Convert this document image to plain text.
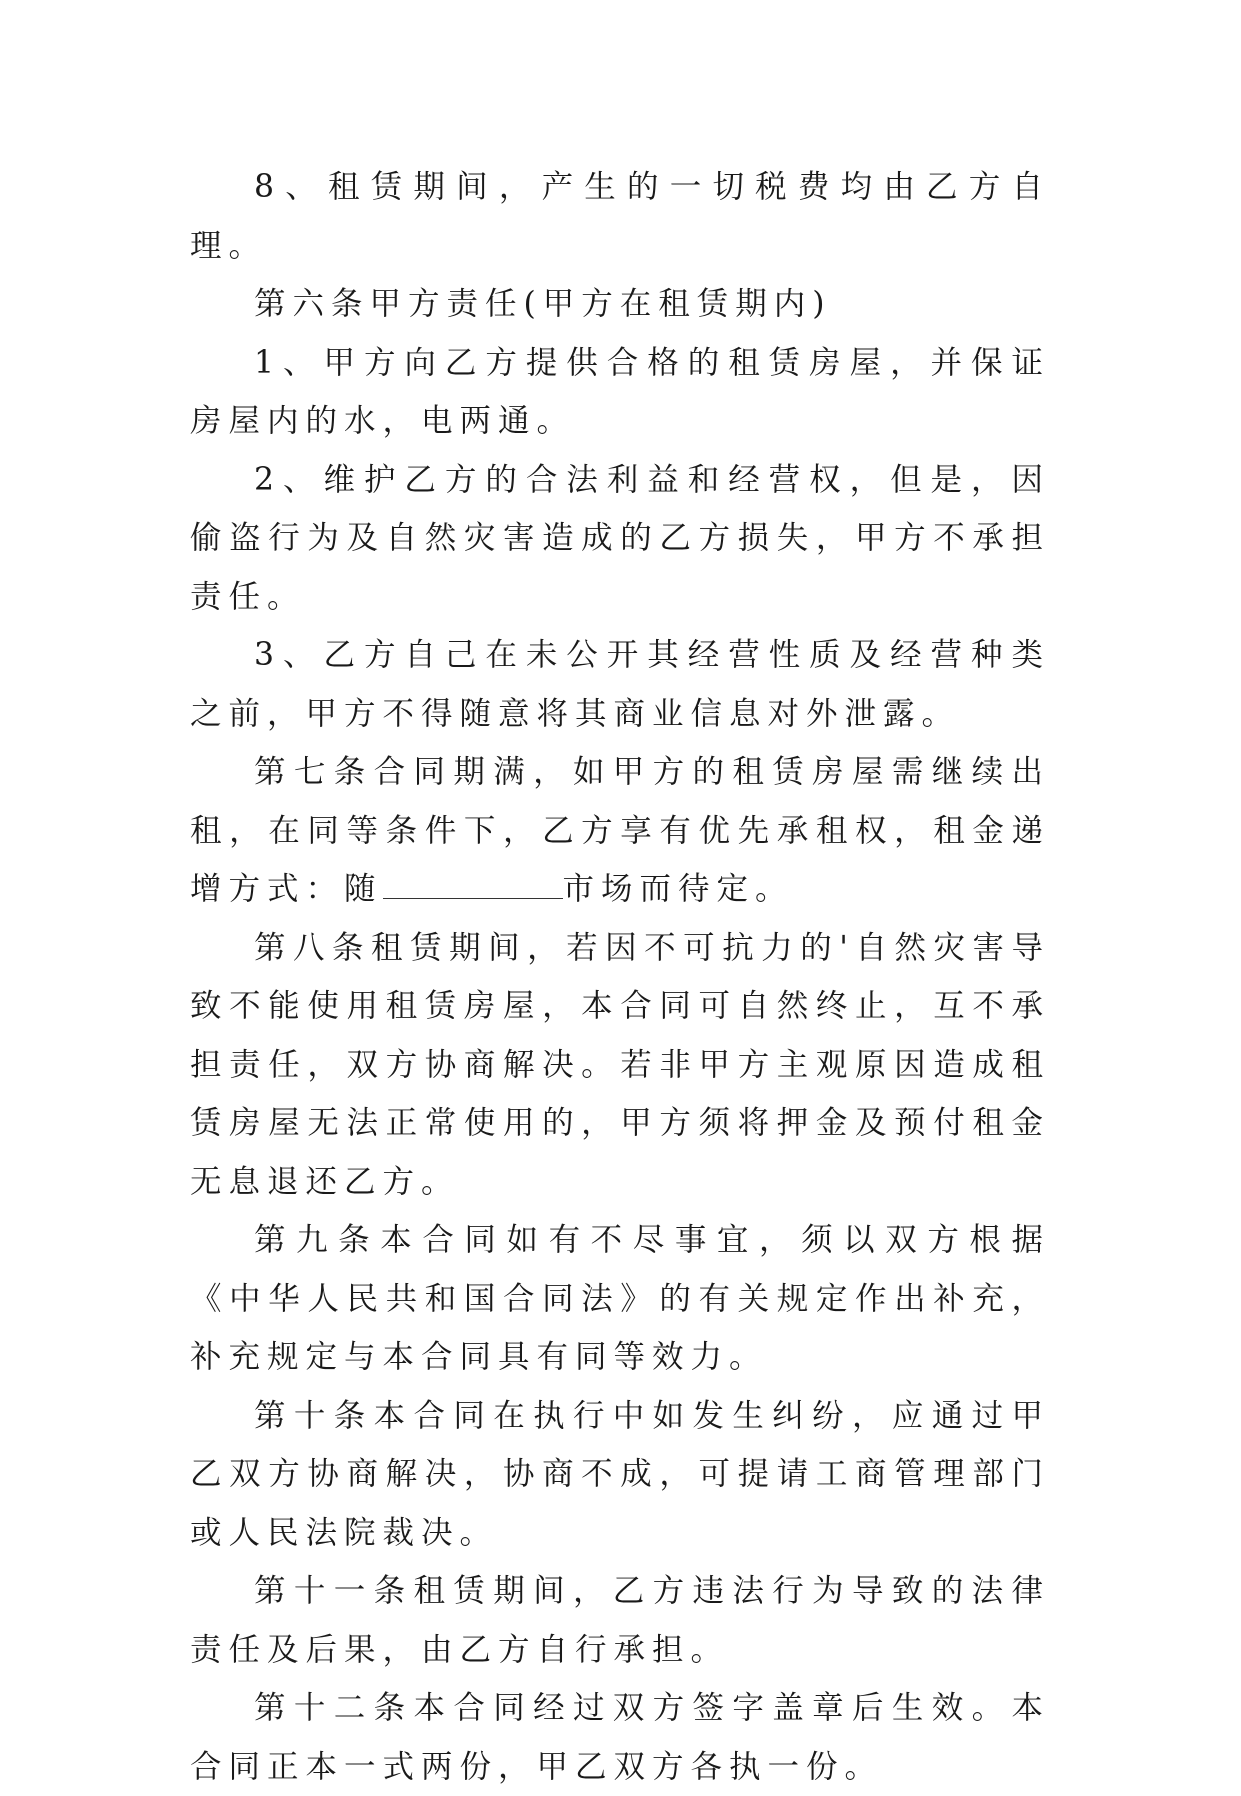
8、租赁期间，产生的一切税费均由乙方自理。

第六条甲方责任(甲方在租赁期内)

1、甲方向乙方提供合格的租赁房屋，并保证房屋内的水，电两通。

2、维护乙方的合法利益和经营权，但是，因偷盗行为及自然灾害造成的乙方损失，甲方不承担责任。

3、乙方自己在未公开其经营性质及经营种类之前，甲方不得随意将其商业信息对外泄露。

第七条合同期满，如甲方的租赁房屋需继续出租，在同等条件下，乙方享有优先承租权，租金递增方式：随	市场而待定。

第八条租赁期间，若因不可抗力的'自然灾害导致不能使用租赁房屋，本合同可自然终止，互不承担责任，双方协商解决。若非甲方主观原因造成租赁房屋无法正常使用的，甲方须将押金及预付租金无息退还乙方。

第九条本合同如有不尽事宜，须以双方根据《中华人民共和国合同法》的有关规定作出补充，补充规定与本合同具有同等效力。

第十条本合同在执行中如发生纠纷，应通过甲乙双方协商解决，协商不成，可提请工商管理部门或人民法院裁决。

第十一条租赁期间，乙方违法行为导致的法律责任及后果，由乙方自行承担。

第十二条本合同经过双方签字盖章后生效。本合同正本一式两份，甲乙双方各执一份。
